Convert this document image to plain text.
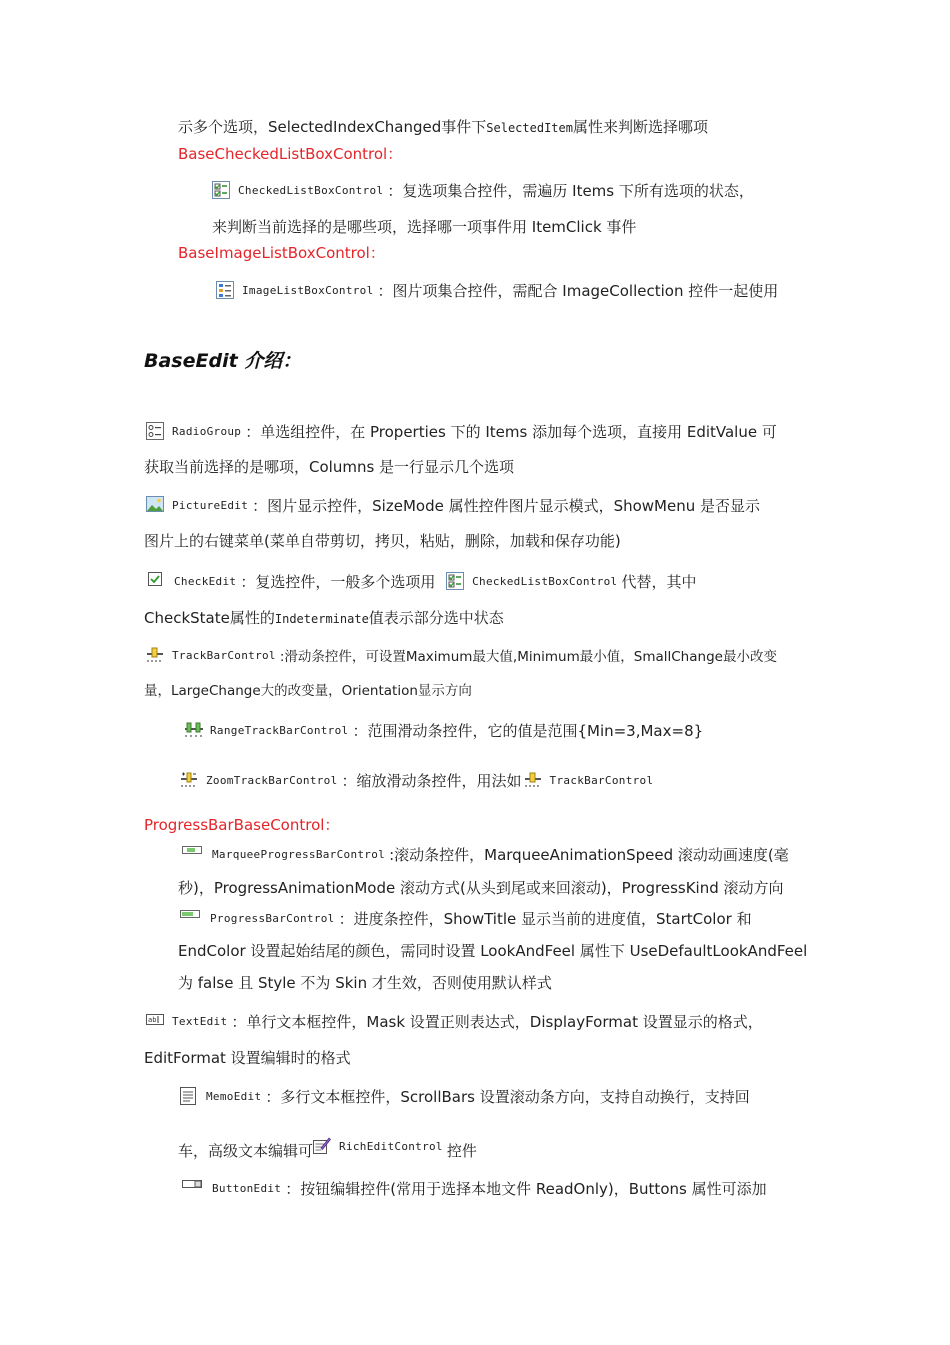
示多个选项，SelectedIndexChanged事件下SelectedItem属性来判断选择哪项
BaseCheckedListBoxControl：
CheckedListBoxControl ：复选项集合控件，需遍历 Items 下所有选项的状态，
来判断当前选择的是哪些项，选择哪一项事件用 ItemClick 事件
BaseImageListBoxControl：
ImageListBoxControl ：图片项集合控件，需配合 ImageCollection 控件一起使用
BaseEdit 介绍：
RadioGroup ：单选组控件，在 Properties 下的 Items 添加每个选项，直接用 EditValue 可
获取当前选择的是哪项，Columns 是一行显示几个选项
PictureEdit ：图片显示控件，SizeMode 属性控件图片显示模式，ShowMenu 是否显示
图片上的右键菜单(菜单自带剪切，拷贝，粘贴，删除，加载和保存功能)
CheckEdit ：复选控件，一般多个选项用	CheckedListBoxControl 代替，其中
CheckState属性的Indeterminate值表示部分选中状态
TrackBarControl :滑动条控件，可设置Maximum最大值,Minimum最小值，SmallChange最小改变
量，LargeChange大的改变量，Orientation显示方向
RangeTrackBarControl ：范围滑动条控件，它的值是范围{Min=3,Max=8}
ZoomTrackBarControl ：缩放滑动条控件，用法如	TrackBarControl
ProgressBarBaseControl：
MarqueeProgressBarControl :滚动条控件，MarqueeAnimationSpeed 滚动动画速度(毫
秒)，ProgressAnimationMode 滚动方式(从头到尾或来回滚动)，ProgressKind 滚动方向
ProgressBarControl ：进度条控件，ShowTitle 显示当前的进度值，StartColor 和
EndColor 设置起始结尾的颜色，需同时设置 LookAndFeel 属性下 UseDefaultLookAndFeel
为 false 且 Style 不为 Skin 才生效，否则使用默认样式
ab TextEdit ：单行文本框控件，Mask 设置正则表达式，DisplayFormat 设置显示的格式，
EditFormat 设置编辑时的格式
MemoEdit ：多行文本框控件，ScrollBars 设置滚动条方向，支持自动换行，支持回
车，高级文本编辑可 $^{RichEditControl}$ 控件
ButtonEdit ：按钮编辑控件(常用于选择本地文件 ReadOnly)，Buttons 属性可添加
